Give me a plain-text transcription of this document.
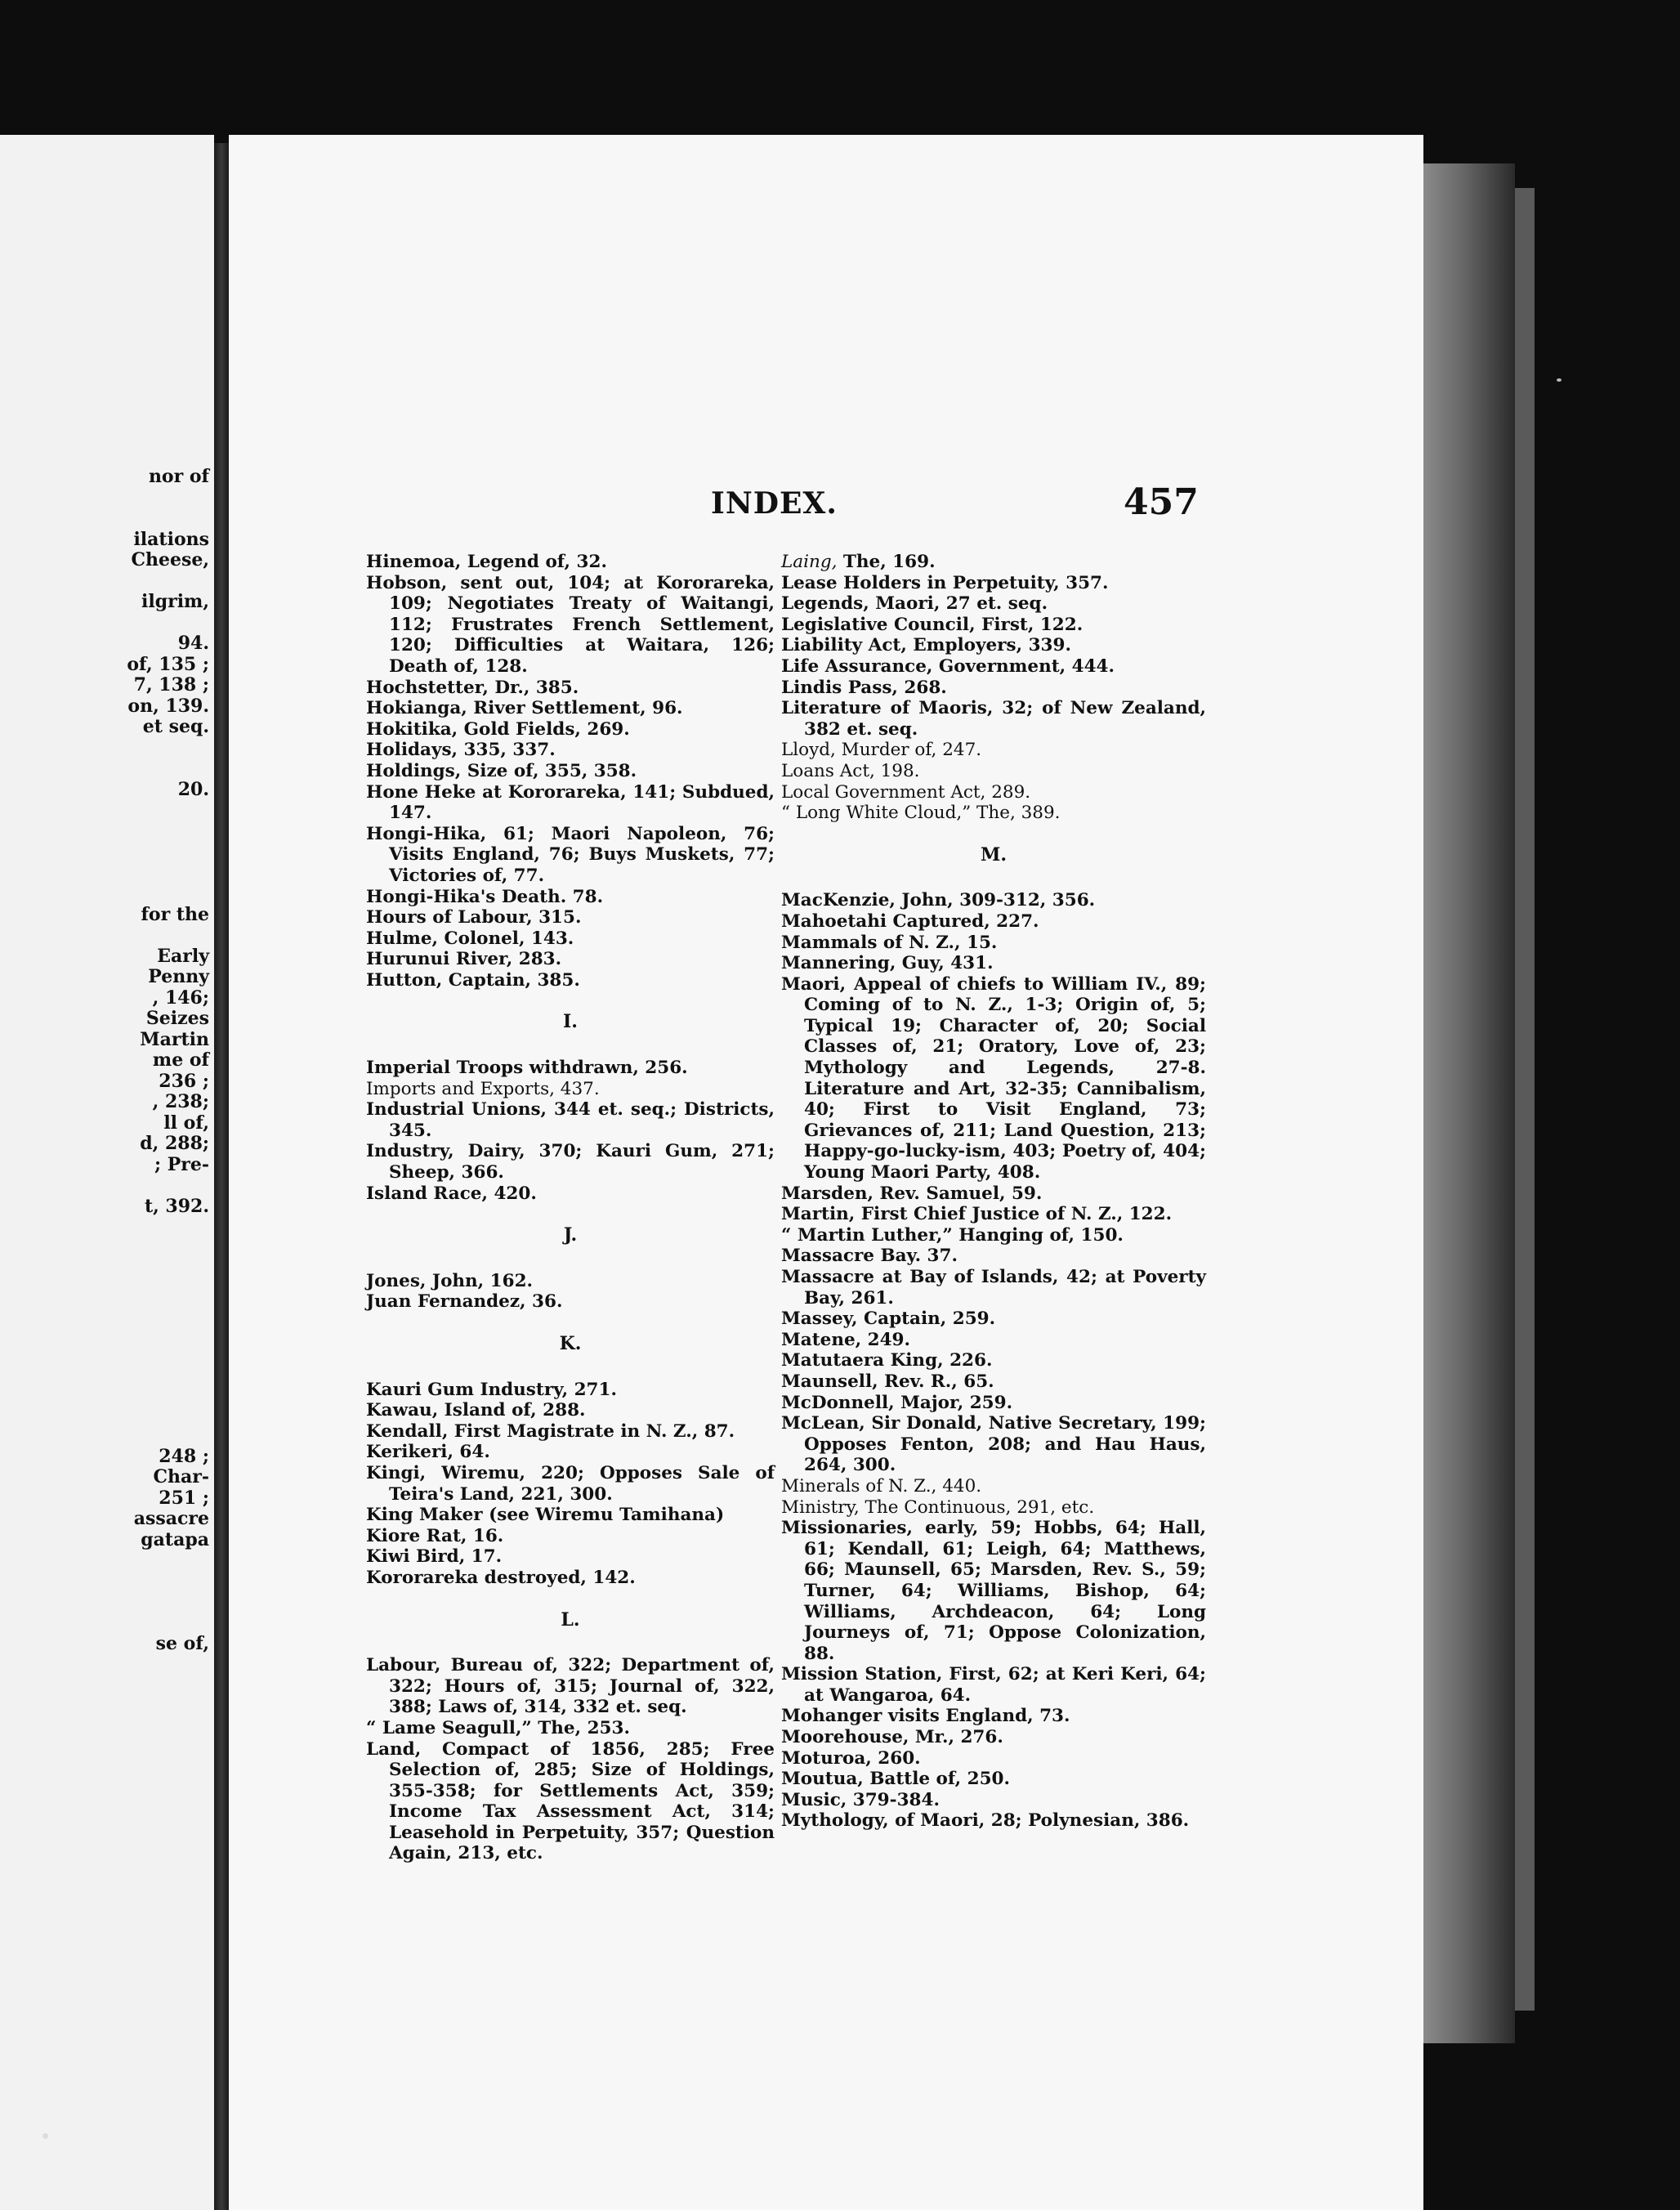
nor of

ilations

Cheese,

ilgrim,

94.

of, 135 ;

7, 138 ;

on, 139.

et seq.

20.

for the

Early

Penny

, 146;

Seizes

Martin

me of

236 ;

, 238;

ll of,

d, 288;

; Pre-

t, 392.

248 ;

Char-

251 ;

assacre

gatapa

se of,

INDEX.	457
Hinemoa, Legend of, 32.
Hobson, sent out, 104; at Kororareka, 109; Negotiates Treaty of Waitangi, 112; Frustrates French Settlement, 120; Difficulties at Waitara, 126; Death of, 128.
Hochstetter, Dr., 385.
Hokianga, River Settlement, 96.
Hokitika, Gold Fields, 269.
Holidays, 335, 337.
Holdings, Size of, 355, 358.
Hone Heke at Kororareka, 141; Subdued, 147.
Hongi-Hika, 61; Maori Napoleon, 76; Visits England, 76; Buys Muskets, 77; Victories of, 77.
Hongi-Hika's Death. 78.
Hours of Labour, 315.
Hulme, Colonel, 143.
Hurunui River, 283.
Hutton, Captain, 385.
I.
Imperial Troops withdrawn, 256.
Imports and Exports, 437.
Industrial Unions, 344 et. seq.; Districts, 345.
Industry, Dairy, 370; Kauri Gum, 271; Sheep, 366.
Island Race, 420.
J.
Jones, John, 162.
Juan Fernandez, 36.
K.
Kauri Gum Industry, 271.
Kawau, Island of, 288.
Kendall, First Magistrate in N. Z., 87.
Kerikeri, 64.
Kingi, Wiremu, 220; Opposes Sale of Teira's Land, 221, 300.
King Maker (see Wiremu Tamihana)
Kiore Rat, 16.
Kiwi Bird, 17.
Kororareka destroyed, 142.
L.
Labour, Bureau of, 322; Department of, 322; Hours of, 315; Journal of, 322, 388; Laws of, 314, 332 et. seq.
“ Lame Seagull,” The, 253.
Land, Compact of 1856, 285; Free Selection of, 285; Size of Holdings, 355-358; for Settlements Act, 359; Income Tax Assessment Act, 314; Leasehold in Perpetuity, 357; Question Again, 213, etc.
Laing, The, 169.
Lease Holders in Perpetuity, 357.
Legends, Maori, 27 et. seq.
Legislative Council, First, 122.
Liability Act, Employers, 339.
Life Assurance, Government, 444.
Lindis Pass, 268.
Literature of Maoris, 32; of New Zealand, 382 et. seq.
Lloyd, Murder of, 247.
Loans Act, 198.
Local Government Act, 289.
“ Long White Cloud,” The, 389.
M.
MacKenzie, John, 309-312, 356.
Mahoetahi Captured, 227.
Mammals of N. Z., 15.
Mannering, Guy, 431.
Maori, Appeal of chiefs to William IV., 89; Coming of to N. Z., 1-3; Origin of, 5; Typical 19; Character of, 20; Social Classes of, 21; Oratory, Love of, 23; Mythology and Legends, 27-8. Literature and Art, 32-35; Cannibalism, 40; First to Visit England, 73; Grievances of, 211; Land Question, 213; Happy-go-lucky-ism, 403; Poetry of, 404; Young Maori Party, 408.
Marsden, Rev. Samuel, 59.
Martin, First Chief Justice of N. Z., 122.
“ Martin Luther,” Hanging of, 150.
Massacre Bay. 37.
Massacre at Bay of Islands, 42; at Poverty Bay, 261.
Massey, Captain, 259.
Matene, 249.
Matutaera King, 226.
Maunsell, Rev. R., 65.
McDonnell, Major, 259.
McLean, Sir Donald, Native Secretary, 199; Opposes Fenton, 208; and Hau Haus, 264, 300.
Minerals of N. Z., 440.
Ministry, The Continuous, 291, etc.
Missionaries, early, 59; Hobbs, 64; Hall, 61; Kendall, 61; Leigh, 64; Matthews, 66; Maunsell, 65; Marsden, Rev. S., 59; Turner, 64; Williams, Bishop, 64; Williams, Archdeacon, 64; Long Journeys of, 71; Oppose Colonization, 88.
Mission Station, First, 62; at Keri Keri, 64; at Wangaroa, 64.
Mohanger visits England, 73.
Moorehouse, Mr., 276.
Moturoa, 260.
Moutua, Battle of, 250.
Music, 379-384.
Mythology, of Maori, 28; Polynesian, 386.
